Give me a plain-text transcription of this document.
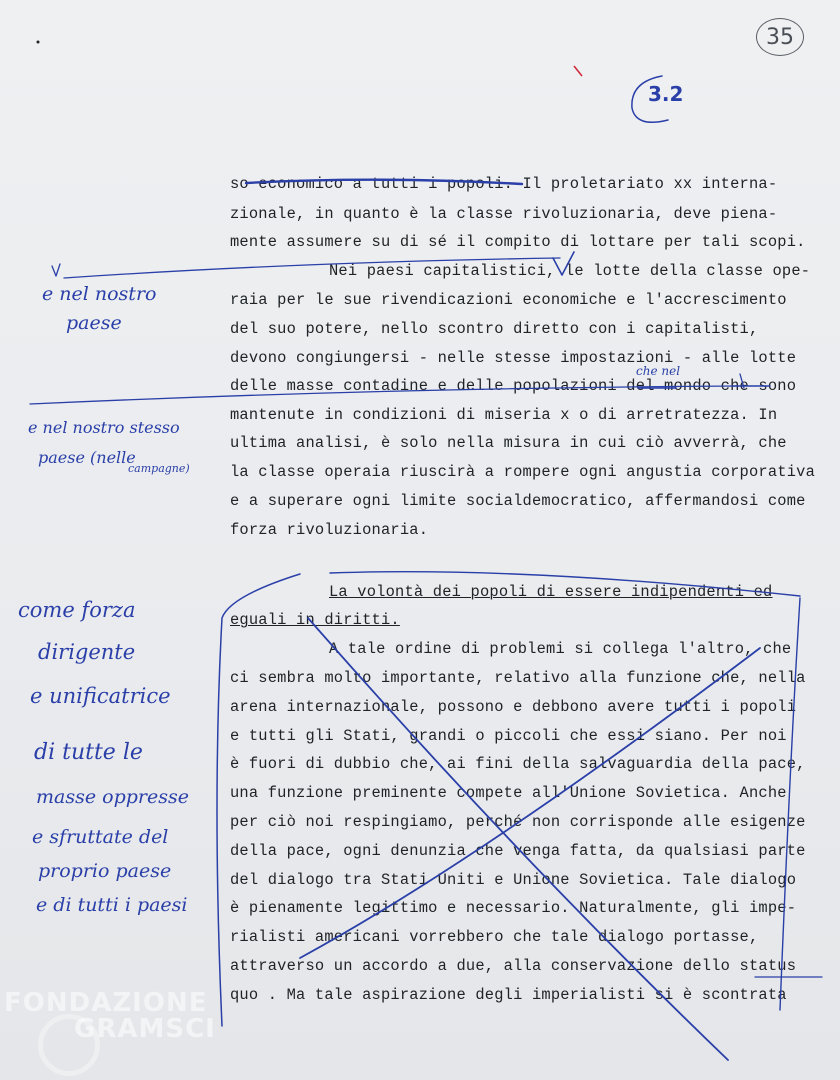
35
3.2
so economico a tutti i popoli. Il proletariato xx interna-
zionale, in quanto è la classe rivoluzionaria, deve piena-
mente assumere su di sé il compito di lottare per tali scopi.
Nei paesi capitalistici, le lotte della classe ope-
raia per le sue rivendicazioni economiche e l'accrescimento
del suo potere, nello scontro diretto con i capitalisti,
devono congiungersi - nelle stesse impostazioni - alle lotte
delle masse contadine e delle popolazioni del mondo che sono
mantenute in condizioni di miseria x o di arretratezza. In
ultima analisi, è solo nella misura in cui ciò avverrà, che
la classe operaia riuscirà a rompere ogni angustia corporativa
e a superare ogni limite socialdemocratico, affermandosi come
forza rivoluzionaria.
La volontà dei popoli di essere indipendenti ed
eguali in diritti.
A tale ordine di problemi si collega l'altro, che
ci sembra molto importante, relativo alla funzione che, nella
arena internazionale, possono e debbono avere tutti i popoli
e tutti gli Stati, grandi o piccoli che essi siano. Per noi
è fuori di dubbio che, ai fini della salvaguardia della pace,
una funzione preminente compete all'Unione Sovietica. Anche
per ciò noi respingiamo, perché non corrisponde alle esigenze
della pace, ogni denunzia che venga fatta, da qualsiasi parte
del dialogo tra Stati Uniti e Unione Sovietica. Tale dialogo
è pienamente legittimo e necessario. Naturalmente, gli impe-
rialisti americani vorrebbero che tale dialogo portasse,
attraverso un accordo a due, alla conservazione dello status
quo . Ma tale aspirazione degli imperialisti si è scontrata
e nel nostro
paese
e nel nostro stesso
paese (nelle
campagne)
come forza
dirigente
e unificatrice
di tutte le
masse oppresse
e sfruttate del
proprio paese
e di tutti i paesi
che nel
FONDAZIONE
GRAMSCI
